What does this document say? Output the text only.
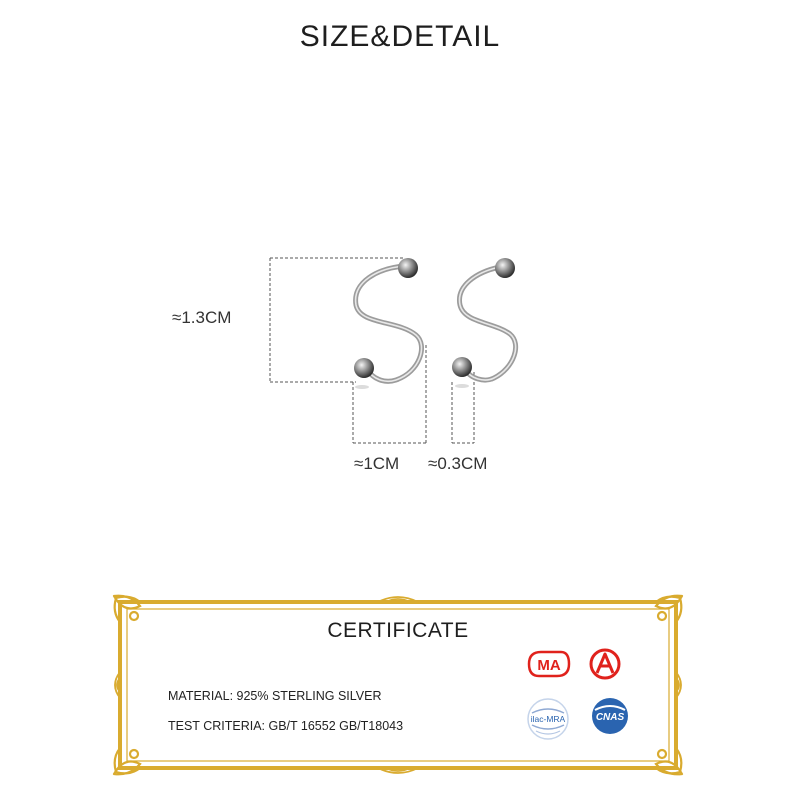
SIZE&DETAIL
≈1.3CM
≈1CM ≈0.3CM
CERTIFICATE
MATERIAL: 925% STERLING SILVER
TEST CRITERIA: GB/T 16552 GB/T18043
MA
ilac-MRA	CNAS
